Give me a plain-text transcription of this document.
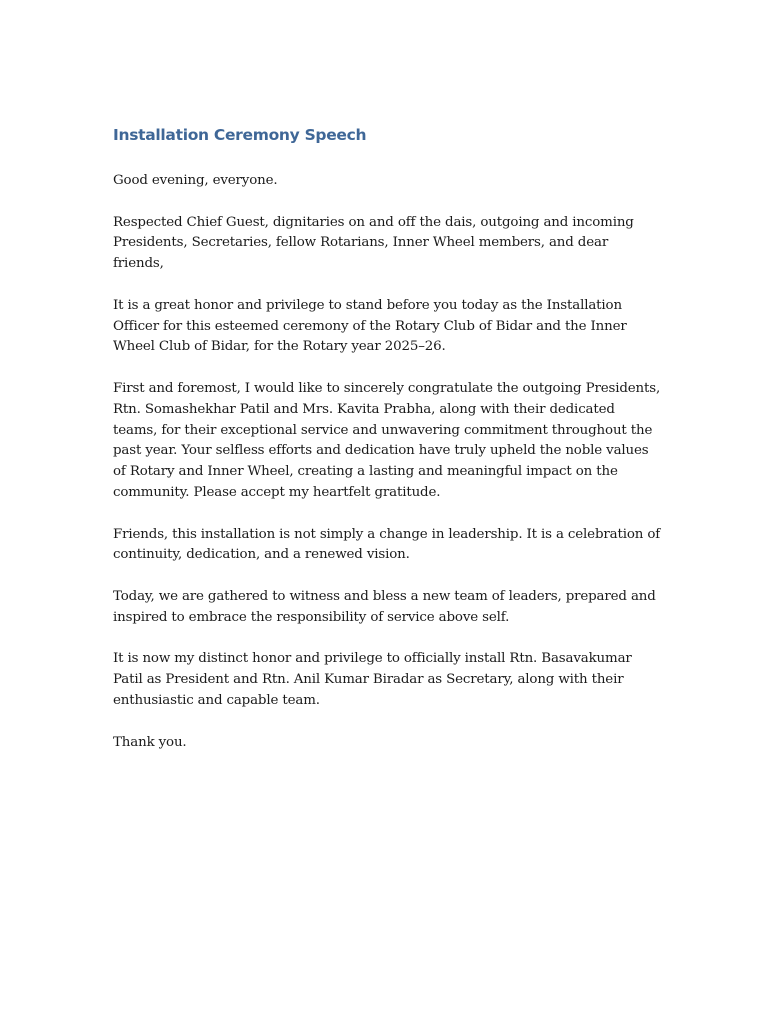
Installation Ceremony Speech

Good evening, everyone.

Respected Chief Guest, dignitaries on and off the dais, outgoing and incoming Presidents, Secretaries, fellow Rotarians, Inner Wheel members, and dear friends,

It is a great honor and privilege to stand before you today as the Installation Officer for this esteemed ceremony of the Rotary Club of Bidar and the Inner Wheel Club of Bidar, for the Rotary year 2025–26.

First and foremost, I would like to sincerely congratulate the outgoing Presidents, Rtn. Somashekhar Patil and Mrs. Kavita Prabha, along with their dedicated teams, for their exceptional service and unwavering commitment throughout the past year. Your selfless efforts and dedication have truly upheld the noble values of Rotary and Inner Wheel, creating a lasting and meaningful impact on the community. Please accept my heartfelt gratitude.

Friends, this installation is not simply a change in leadership. It is a celebration of continuity, dedication, and a renewed vision.

Today, we are gathered to witness and bless a new team of leaders, prepared and inspired to embrace the responsibility of service above self.

It is now my distinct honor and privilege to officially install Rtn. Basavakumar Patil as President and Rtn. Anil Kumar Biradar as Secretary, along with their enthusiastic and capable team.

Thank you.
